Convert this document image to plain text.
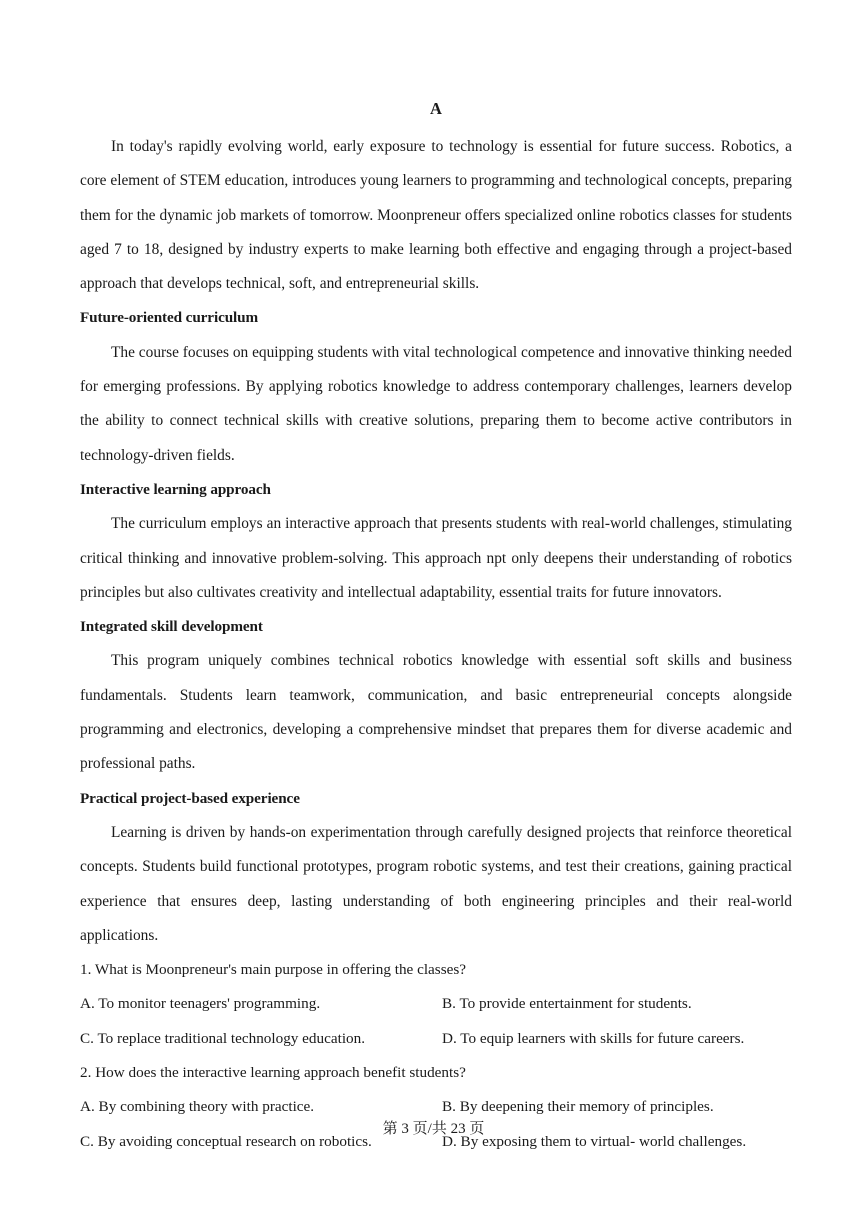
A

In today's rapidly evolving world, early exposure to technology is essential for future success. Robotics, a core element of STEM education, introduces young learners to programming and technological concepts, preparing them for the dynamic job markets of tomorrow. Moonpreneur offers specialized online robotics classes for students aged 7 to 18, designed by industry experts to make learning both effective and engaging through a project-based approach that develops technical, soft, and entrepreneurial skills.

Future-oriented curriculum

The course focuses on equipping students with vital technological competence and innovative thinking needed for emerging professions. By applying robotics knowledge to address contemporary challenges, learners develop the ability to connect technical skills with creative solutions, preparing them to become active contributors in technology-driven fields.

Interactive learning approach

The curriculum employs an interactive approach that presents students with real-world challenges, stimulating critical thinking and innovative problem-solving. This approach npt only deepens their understanding of robotics principles but also cultivates creativity and intellectual adaptability, essential traits for future innovators.

Integrated skill development

This program uniquely combines technical robotics knowledge with essential soft skills and business fundamentals. Students learn teamwork, communication, and basic entrepreneurial concepts alongside programming and electronics, developing a comprehensive mindset that prepares them for diverse academic and professional paths.

Practical project-based experience

Learning is driven by hands-on experimentation through carefully designed projects that reinforce theoretical concepts. Students build functional prototypes, program robotic systems, and test their creations, gaining practical experience that ensures deep, lasting understanding of both engineering principles and their real-world applications.

1. What is Moonpreneur's main purpose in offering the classes?

A. To monitor teenagers' programming.	B. To provide entertainment for students.
C. To replace traditional technology education.	D. To equip learners with skills for future careers.

2. How does the interactive learning approach benefit students?

A. By combining theory with practice.	B. By deepening their memory of principles.
C. By avoiding conceptual research on robotics.	D. By exposing them to virtual- world challenges.
第 3 页/共 23 页
